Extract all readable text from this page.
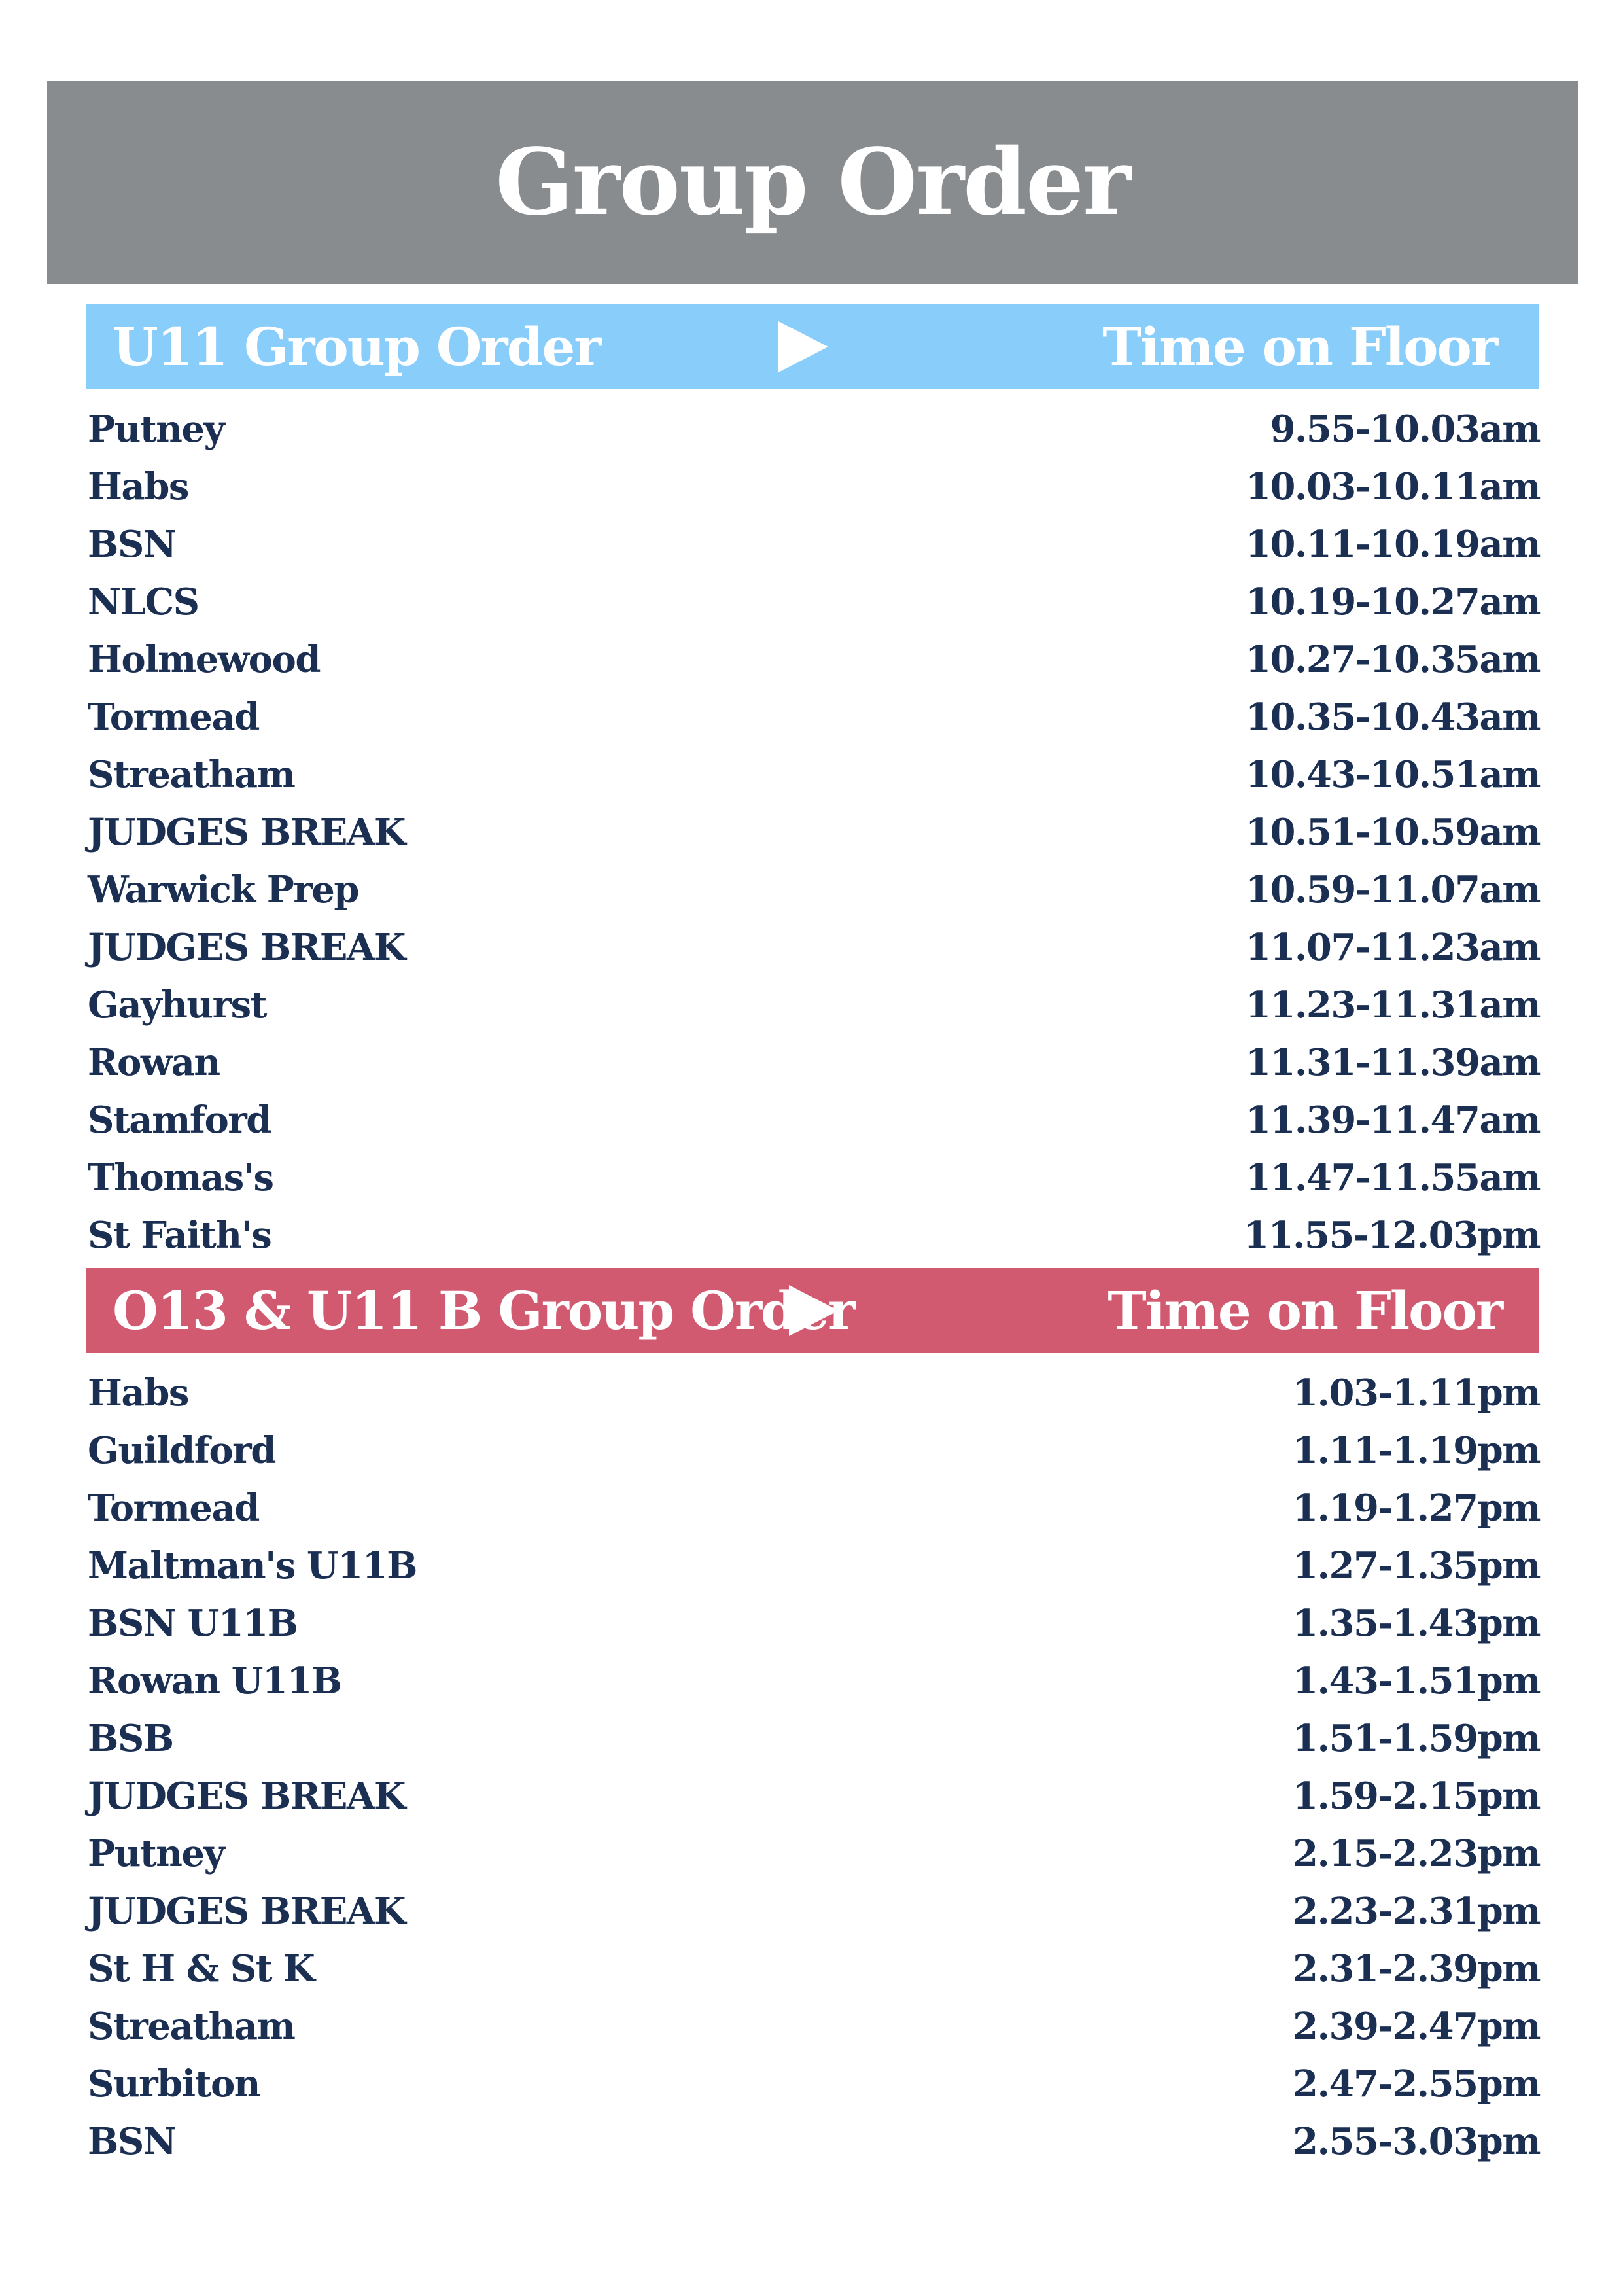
Group Order
U11 Group Order	Time on Floor
Putney	9.55-10.03am
Habs	10.03-10.11am
BSN	10.11-10.19am
NLCS	10.19-10.27am
Holmewood	10.27-10.35am
Tormead	10.35-10.43am
Streatham	10.43-10.51am
JUDGES BREAK	10.51-10.59am
Warwick Prep	10.59-11.07am
JUDGES BREAK	11.07-11.23am
Gayhurst	11.23-11.31am
Rowan	11.31-11.39am
Stamford	11.39-11.47am
Thomas's	11.47-11.55am
St Faith's	11.55-12.03pm
O13 & U11 B Group Order	Time on Floor
Habs	1.03-1.11pm
Guildford	1.11-1.19pm
Tormead	1.19-1.27pm
Maltman's U11B	1.27-1.35pm
BSN U11B	1.35-1.43pm
Rowan U11B	1.43-1.51pm
BSB	1.51-1.59pm
JUDGES BREAK	1.59-2.15pm
Putney	2.15-2.23pm
JUDGES BREAK	2.23-2.31pm
St H & St K	2.31-2.39pm
Streatham	2.39-2.47pm
Surbiton	2.47-2.55pm
BSN	2.55-3.03pm
